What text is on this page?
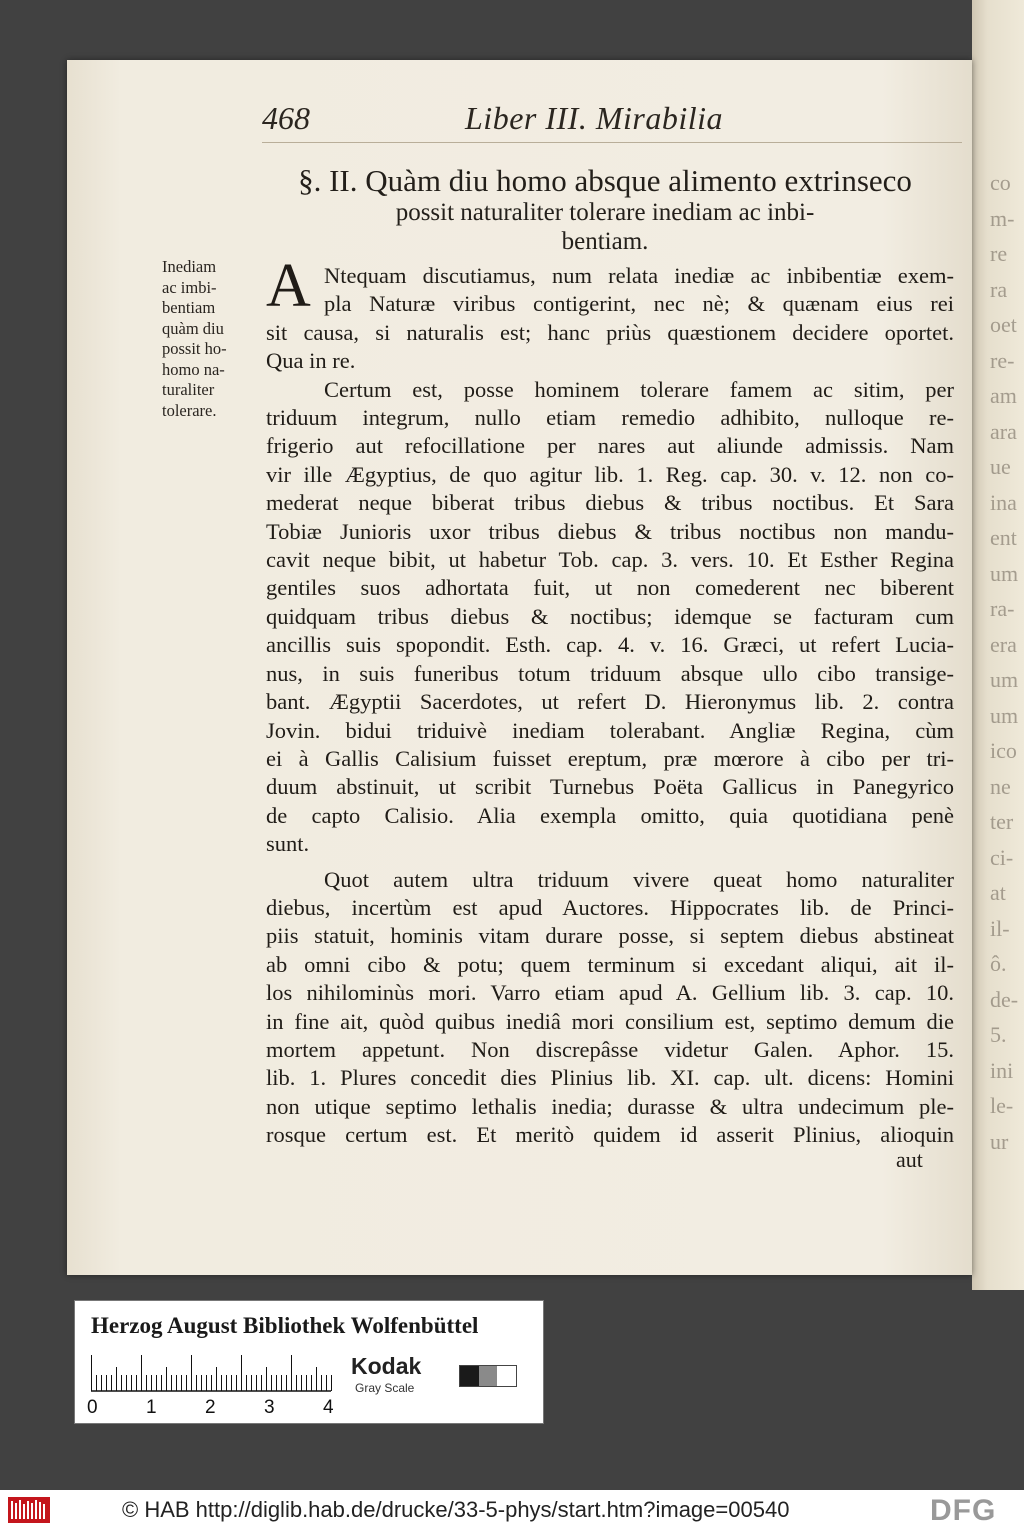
co
m-
re
ra
oet
re-
am
ara
ue
ina
ent
um
ra-
era
um
um
ico
ne
ter
ci-
at
il-
ô.
de-
5.
ini
le-
ur
468	Liber III. Mirabilia
§. II. Quàm diu homo absque alimento extrinseco
possit naturaliter tolerare inediam ac inbi-
bentiam.
Inediam
ac imbi-
bentiam
quàm diu
possit ho-
homo na-
turaliter
tolerare.
A Ntequam discutiamus, num relata inediæ ac inbibentiæ exem-
pla Naturæ viribus contigerint, nec nè; & quænam eius rei
sit causa, si naturalis est; hanc priùs quæstionem decidere oportet.
Qua in re.
Certum est, posse hominem tolerare famem ac sitim, per
triduum integrum, nullo etiam remedio adhibito, nulloque re-
frigerio aut refocillatione per nares aut aliunde admissis. Nam
vir ille Ægyptius, de quo agitur lib. 1. Reg. cap. 30. v. 12. non co-
mederat neque biberat tribus diebus & tribus noctibus. Et Sara
Tobiæ Junioris uxor tribus diebus & tribus noctibus non mandu-
cavit neque bibit, ut habetur Tob. cap. 3. vers. 10. Et Esther Regina
gentiles suos adhortata fuit, ut non comederent nec biberent
quidquam tribus diebus & noctibus; idemque se facturam cum
ancillis suis spopondit. Esth. cap. 4. v. 16. Græci, ut refert Lucia-
nus, in suis funeribus totum triduum absque ullo cibo transige-
bant. Ægyptii Sacerdotes, ut refert D. Hieronymus lib. 2. contra
Jovin. bidui triduivè inediam tolerabant. Angliæ Regina, cùm
ei à Gallis Calisium fuisset ereptum, præ mœrore à cibo per tri-
duum abstinuit, ut scribit Turnebus Poëta Gallicus in Panegyrico
de capto Calisio. Alia exempla omitto, quia quotidiana penè
sunt.
Quot autem ultra triduum vivere queat homo naturaliter
diebus, incertùm est apud Auctores. Hippocrates lib. de Princi-
piis statuit, hominis vitam durare posse, si septem diebus abstineat
ab omni cibo & potu; quem terminum si excedant aliqui, ait il-
los nihilominùs mori. Varro etiam apud A. Gellium lib. 3. cap. 10.
in fine ait, quòd quibus inediâ mori consilium est, septimo demum die
mortem appetunt. Non discrepâsse videtur Galen. Aphor. 15.
lib. 1. Plures concedit dies Plinius lib. XI. cap. ult. dicens: Homini
non utique septimo lethalis inedia; durasse & ultra undecimum ple-
rosque certum est. Et meritò quidem id asserit Plinius, alioquin
aut
Herzog August Bibliothek Wolfenbüttel
0	1	2	3	4
Kodak
Gray Scale
© HAB http://diglib.hab.de/drucke/33-5-phys/start.htm?image=00540	DFG
